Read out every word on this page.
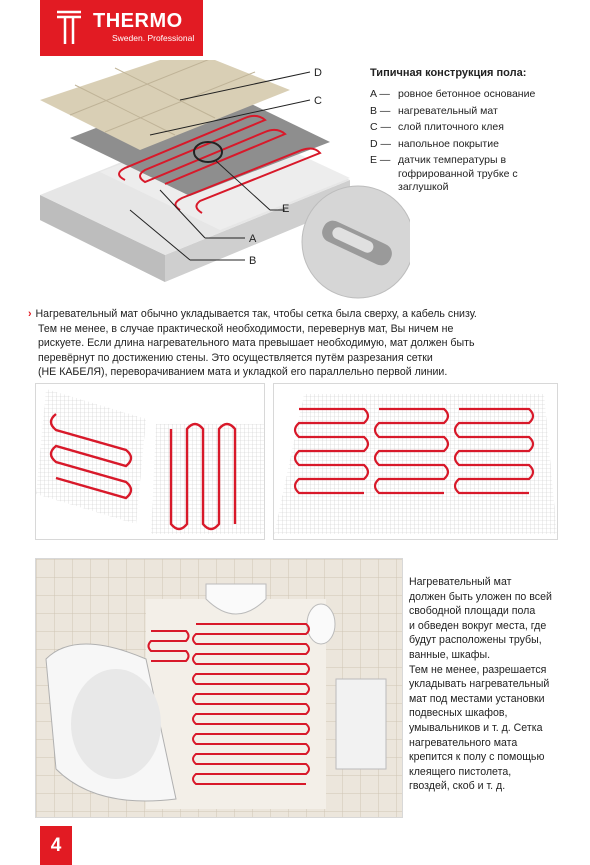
THERMO
Sweden. Professional
D
C
E
A
B
Типичная конструкция пола:
A — ровное бетонное основание
B — нагревательный мат
C — слой плиточного клея
D — напольное покрытие
E — датчик температуры в гофрированной трубке с заглушкой
› Нагревательный мат обычно укладывается так, чтобы сетка была сверху, а кабель снизу.
Тем не менее, в случае практической необходимости, перевернув мат, Вы ничем не
рискуете. Если длина нагревательного мата превышает необходимую, мат должен быть
перевёрнут по достижению стены. Это осуществляется путём разрезания сетки
(НЕ КАБЕЛЯ), переворачиванием мата и укладкой его параллельно первой линии.
Нагревательный мат
должен быть уложен по всей
свободной площади пола
и обведен вокруг места, где
будут расположены трубы,
ванные, шкафы.
Тем не менее, разрешается
укладывать нагревательный
мат под местами установки
подвесных шкафов,
умывальников и т. д. Сетка
нагревательного мата
крепится к полу с помощью
клеящего пистолета,
гвоздей, скоб и т. д.
4
